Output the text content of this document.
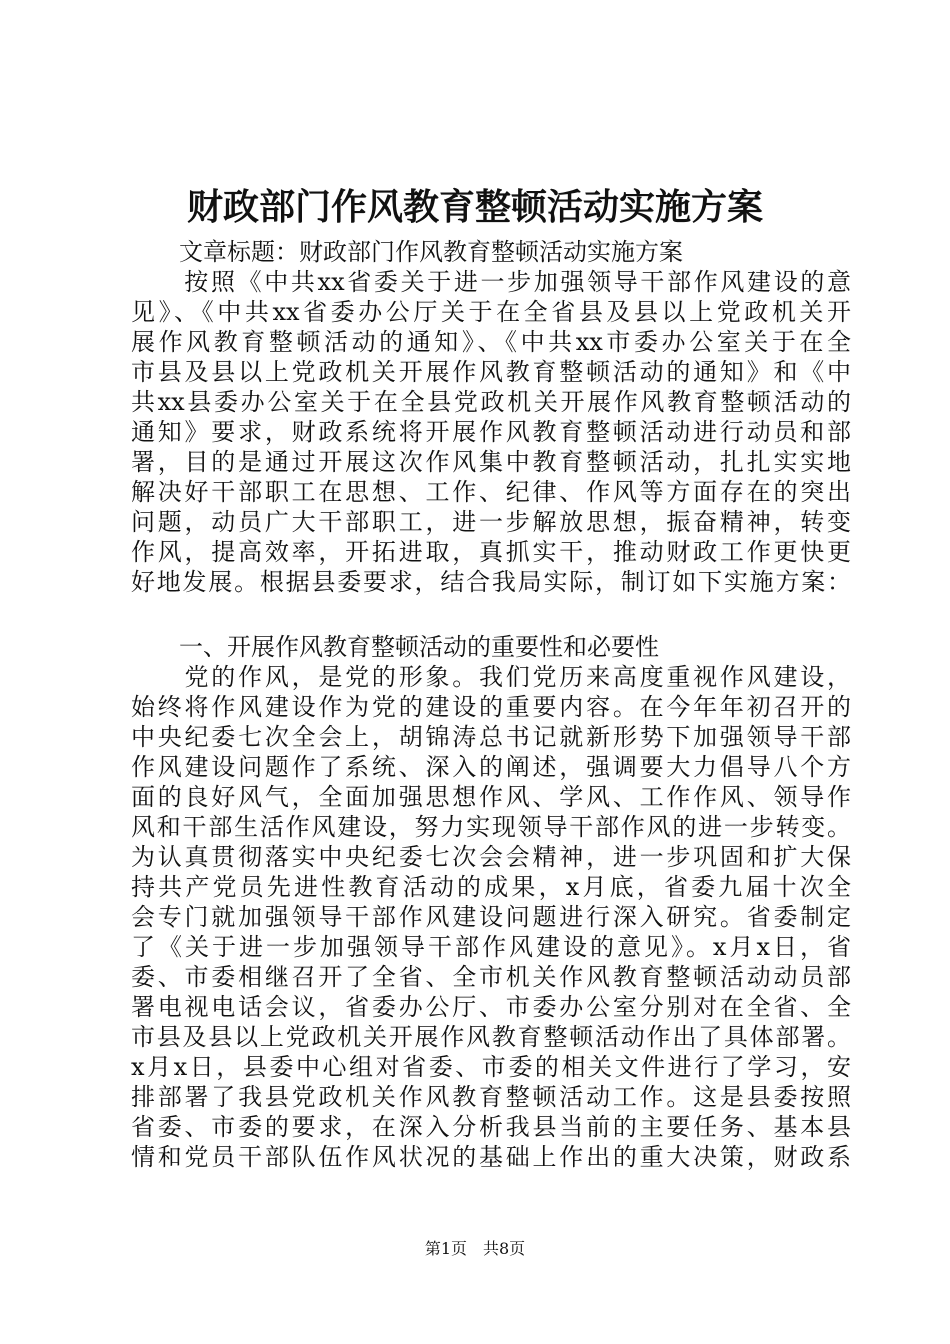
财政部门作风教育整顿活动实施方案
　　文章标题：财政部门作风教育整顿活动实施方案
　　按照《中共xx省委关于进一步加强领导干部作风建设的意
见》、《中共xx省委办公厅关于在全省县及县以上党政机关开
展作风教育整顿活动的通知》、《中共xx市委办公室关于在全
市县及县以上党政机关开展作风教育整顿活动的通知》和《中
共xx县委办公室关于在全县党政机关开展作风教育整顿活动的
通知》要求，财政系统将开展作风教育整顿活动进行动员和部
署，目的是通过开展这次作风集中教育整顿活动，扎扎实实地
解决好干部职工在思想、工作、纪律、作风等方面存在的突出
问题，动员广大干部职工，进一步解放思想，振奋精神，转变
作风，提高效率，开拓进取，真抓实干，推动财政工作更快更
好地发展。根据县委要求，结合我局实际，制订如下实施方案：
　　一、开展作风教育整顿活动的重要性和必要性
　　党的作风，是党的形象。我们党历来高度重视作风建设，
始终将作风建设作为党的建设的重要内容。在今年年初召开的
中央纪委七次全会上，胡锦涛总书记就新形势下加强领导干部
作风建设问题作了系统、深入的阐述，强调要大力倡导八个方
面的良好风气，全面加强思想作风、学风、工作作风、领导作
风和干部生活作风建设，努力实现领导干部作风的进一步转变。
为认真贯彻落实中央纪委七次会会精神，进一步巩固和扩大保
持共产党员先进性教育活动的成果，x月底，省委九届十次全
会专门就加强领导干部作风建设问题进行深入研究。省委制定
了《关于进一步加强领导干部作风建设的意见》。x月x日，省
委、市委相继召开了全省、全市机关作风教育整顿活动动员部
署电视电话会议，省委办公厅、市委办公室分别对在全省、全
市县及县以上党政机关开展作风教育整顿活动作出了具体部署。
x月x日，县委中心组对省委、市委的相关文件进行了学习，安
排部署了我县党政机关作风教育整顿活动工作。这是县委按照
省委、市委的要求，在深入分析我县当前的主要任务、基本县
情和党员干部队伍作风状况的基础上作出的重大决策，财政系
第1页　共8页
